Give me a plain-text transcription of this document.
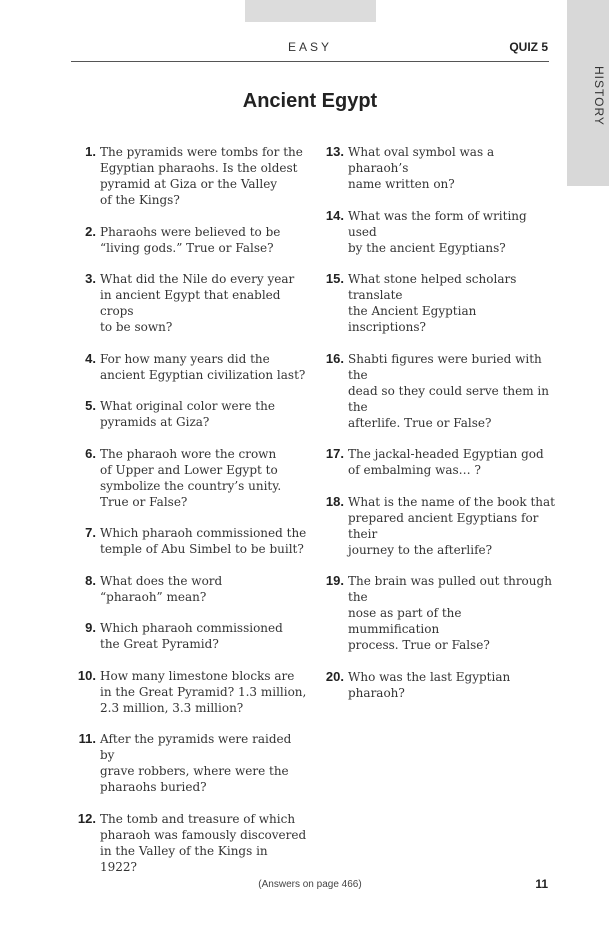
HISTORY
EASY	QUIZ 5
Ancient Egypt
1. The pyramids were tombs for the
Egyptian pharaohs. Is the oldest
pyramid at Giza or the Valley
of the Kings?
2. Pharaohs were believed to be
“living gods.” True or False?
3. What did the Nile do every year
in ancient Egypt that enabled crops
to be sown?
4. For how many years did the
ancient Egyptian civilization last?
5. What original color were the
pyramids at Giza?
6. The pharaoh wore the crown
of Upper and Lower Egypt to
symbolize the country’s unity.
True or False?
7. Which pharaoh commissioned the
temple of Abu Simbel to be built?
8. What does the word
“pharaoh” mean?
9. Which pharaoh commissioned
the Great Pyramid?
10. How many limestone blocks are
in the Great Pyramid? 1.3 million,
2.3 million, 3.3 million?
11. After the pyramids were raided by
grave robbers, where were the
pharaohs buried?
12. The tomb and treasure of which
pharaoh was famously discovered
in the Valley of the Kings in 1922?
13. What oval symbol was a pharaoh’s
name written on?
14. What was the form of writing used
by the ancient Egyptians?
15. What stone helped scholars translate
the Ancient Egyptian inscriptions?
16. Shabti figures were buried with the
dead so they could serve them in the
afterlife. True or False?
17. The jackal-headed Egyptian god
of embalming was… ?
18. What is the name of the book that
prepared ancient Egyptians for their
journey to the afterlife?
19. The brain was pulled out through the
nose as part of the mummification
process. True or False?
20. Who was the last Egyptian pharaoh?
(Answers on page 466)	11
